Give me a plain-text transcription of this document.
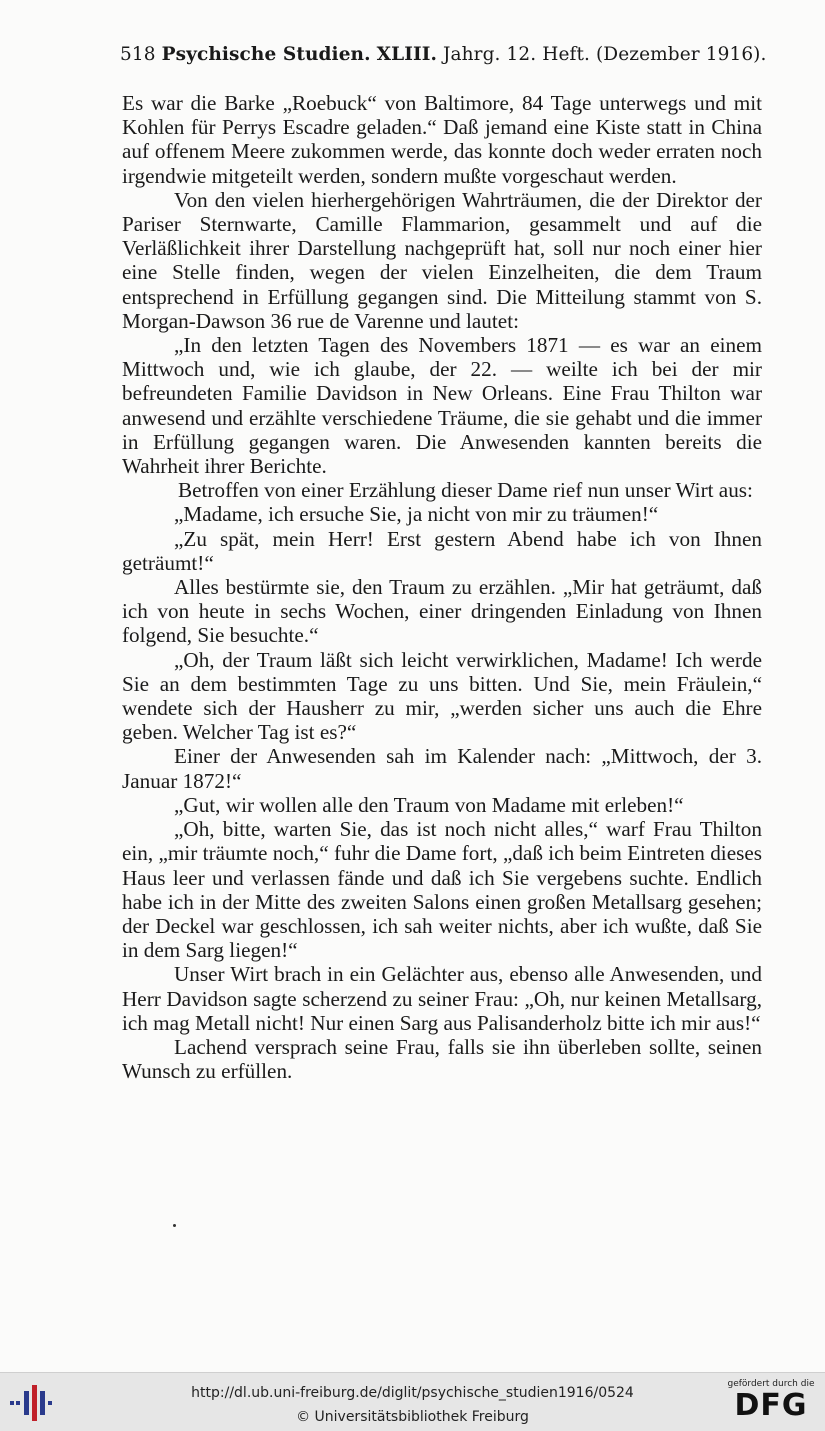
518 Psychische Studien. XLIII. Jahrg. 12. Heft. (Dezember 1916).

Es war die Barke „Roebuck“ von Baltimore, 84 Tage unterwegs und mit Kohlen für Perrys Escadre geladen.“ Daß jemand eine Kiste statt in China auf offenem Meere zukommen werde, das konnte doch weder erraten noch irgendwie mitgeteilt werden, sondern mußte vorgeschaut werden.

Von den vielen hierhergehörigen Wahrträumen, die der Direktor der Pariser Sternwarte, Camille Flammarion, gesammelt und auf die Verläßlichkeit ihrer Darstellung nachgeprüft hat, soll nur noch einer hier eine Stelle finden, wegen der vielen Einzelheiten, die dem Traum entsprechend in Erfüllung gegangen sind. Die Mitteilung stammt von S. Morgan-Dawson 36 rue de Varenne und lautet:

„In den letzten Tagen des Novembers 1871 — es war an einem Mittwoch und, wie ich glaube, der 22. — weilte ich bei der mir befreundeten Familie Davidson in New Orleans. Eine Frau Thilton war anwesend und erzählte verschiedene Träume, die sie gehabt und die immer in Erfüllung gegangen waren. Die Anwesenden kannten bereits die Wahrheit ihrer Berichte.

Betroffen von einer Erzählung dieser Dame rief nun unser Wirt aus:

„Madame, ich ersuche Sie, ja nicht von mir zu träumen!“

„Zu spät, mein Herr! Erst gestern Abend habe ich von Ihnen geträumt!“

Alles bestürmte sie, den Traum zu erzählen. „Mir hat geträumt, daß ich von heute in sechs Wochen, einer dringenden Einladung von Ihnen folgend, Sie besuchte.“

„Oh, der Traum läßt sich leicht verwirklichen, Madame! Ich werde Sie an dem bestimmten Tage zu uns bitten. Und Sie, mein Fräulein,“ wendete sich der Hausherr zu mir, „werden sicher uns auch die Ehre geben. Welcher Tag ist es?“

Einer der Anwesenden sah im Kalender nach: „Mittwoch, der 3. Januar 1872!“

„Gut, wir wollen alle den Traum von Madame mit erleben!“

„Oh, bitte, warten Sie, das ist noch nicht alles,“ warf Frau Thilton ein, „mir träumte noch,“ fuhr die Dame fort, „daß ich beim Eintreten dieses Haus leer und verlassen fände und daß ich Sie vergebens suchte. Endlich habe ich in der Mitte des zweiten Salons einen großen Metallsarg gesehen; der Deckel war geschlossen, ich sah weiter nichts, aber ich wußte, daß Sie in dem Sarg liegen!“

Unser Wirt brach in ein Gelächter aus, ebenso alle Anwesenden, und Herr Davidson sagte scherzend zu seiner Frau: „Oh, nur keinen Metallsarg, ich mag Metall nicht! Nur einen Sarg aus Palisanderholz bitte ich mir aus!“

Lachend versprach seine Frau, falls sie ihn überleben sollte, seinen Wunsch zu erfüllen.

http://dl.ub.uni-freiburg.de/diglit/psychische_studien1916/0524
© Universitätsbibliothek Freiburg
gefördert durch die
DFG
